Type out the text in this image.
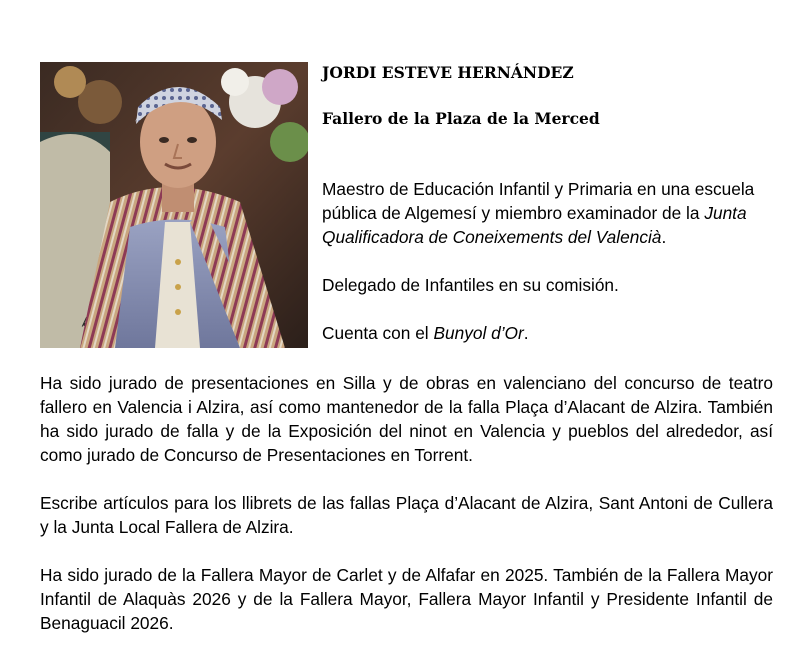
JORDI ESTEVE HERNÁNDEZ
Fallero de la Plaza de la Merced

Maestro de Educación Infantil y Primaria en una escuela pública de Algemesí y miembro examinador de la Junta Qualificadora de Coneixements del Valencià.

Delegado de Infantiles en su comisión.

Cuenta con el Bunyol d’Or.

Ha sido jurado de presentaciones en Silla y de obras en valenciano del concurso de teatro fallero en Valencia i Alzira, así como mantenedor de la falla Plaça d’Alacant de Alzira. También ha sido jurado de falla y de la Exposición del ninot en Valencia y pueblos del alrededor, así como jurado de Concurso de Presentaciones en Torrent.

Escribe artículos para los llibrets de las fallas Plaça d’Alacant de Alzira, Sant Antoni de Cullera y la Junta Local Fallera de Alzira.

Ha sido jurado de la Fallera Mayor de Carlet y de Alfafar en 2025. También de la Fallera Mayor Infantil de Alaquàs 2026 y de la Fallera Mayor, Fallera Mayor Infantil y Presidente Infantil de Benaguacil 2026.
